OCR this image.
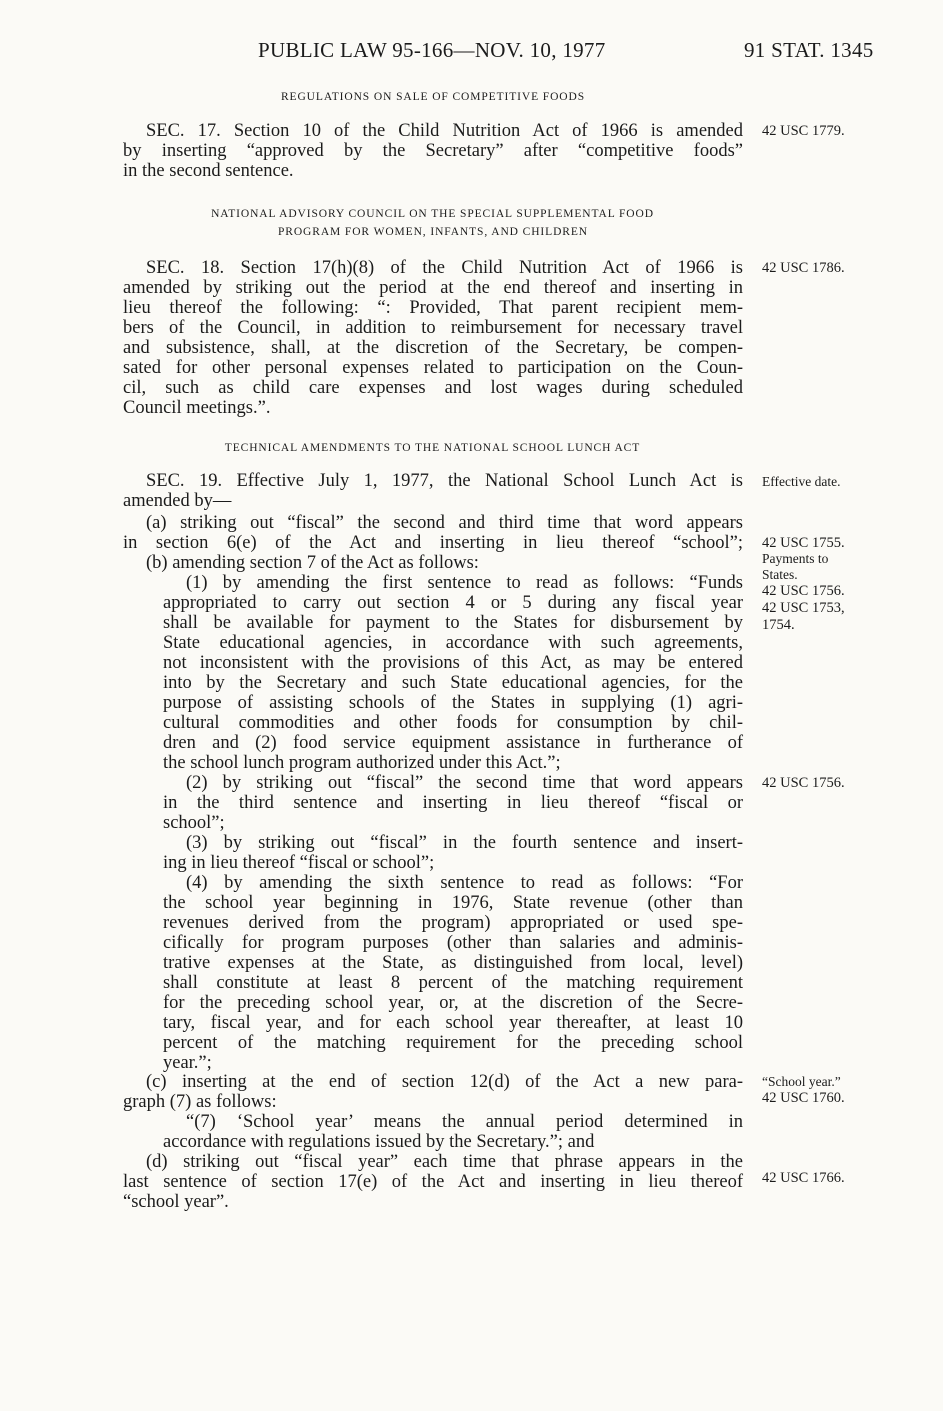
PUBLIC LAW 95-166—NOV. 10, 1977	91 STAT. 1345
REGULATIONS ON SALE OF COMPETITIVE FOODS
SEC. 17. Section 10 of the Child Nutrition Act of 1966 is amended
by inserting “approved by the Secretary” after “competitive foods”
in the second sentence.
NATIONAL ADVISORY COUNCIL ON THE SPECIAL SUPPLEMENTAL FOOD
PROGRAM FOR WOMEN, INFANTS, AND CHILDREN
SEC. 18. Section 17(h)(8) of the Child Nutrition Act of 1966 is
amended by striking out the period at the end thereof and inserting in
lieu thereof the following: “: Provided, That parent recipient mem-
bers of the Council, in addition to reimbursement for necessary travel
and subsistence, shall, at the discretion of the Secretary, be compen-
sated for other personal expenses related to participation on the Coun-
cil, such as child care expenses and lost wages during scheduled
Council meetings.”.
TECHNICAL AMENDMENTS TO THE NATIONAL SCHOOL LUNCH ACT
SEC. 19. Effective July 1, 1977, the National School Lunch Act is
amended by—
(a) striking out “fiscal” the second and third time that word appears
in section 6(e) of the Act and inserting in lieu thereof “school”;
(b) amending section 7 of the Act as follows:
(1) by amending the first sentence to read as follows: “Funds
appropriated to carry out section 4 or 5 during any fiscal year
shall be available for payment to the States for disbursement by
State educational agencies, in accordance with such agreements,
not inconsistent with the provisions of this Act, as may be entered
into by the Secretary and such State educational agencies, for the
purpose of assisting schools of the States in supplying (1) agri-
cultural commodities and other foods for consumption by chil-
dren and (2) food service equipment assistance in furtherance of
the school lunch program authorized under this Act.”;
(2) by striking out “fiscal” the second time that word appears
in the third sentence and inserting in lieu thereof “fiscal or
school”;
(3) by striking out “fiscal” in the fourth sentence and insert-
ing in lieu thereof “fiscal or school”;
(4) by amending the sixth sentence to read as follows: “For
the school year beginning in 1976, State revenue (other than
revenues derived from the program) appropriated or used spe-
cifically for program purposes (other than salaries and adminis-
trative expenses at the State, as distinguished from local, level)
shall constitute at least 8 percent of the matching requirement
for the preceding school year, or, at the discretion of the Secre-
tary, fiscal year, and for each school year thereafter, at least 10
percent of the matching requirement for the preceding school
year.”;
(c) inserting at the end of section 12(d) of the Act a new para-
graph (7) as follows:
“(7) ‘School year’ means the annual period determined in
accordance with regulations issued by the Secretary.”; and
(d) striking out “fiscal year” each time that phrase appears in the
last sentence of section 17(e) of the Act and inserting in lieu thereof
“school year”.
42 USC 1779.
42 USC 1786.
Effective date.
42 USC 1755.
Payments to
States.
42 USC 1756.
42 USC 1753,
1754.
42 USC 1756.
“School year.”
42 USC 1760.
42 USC 1766.
